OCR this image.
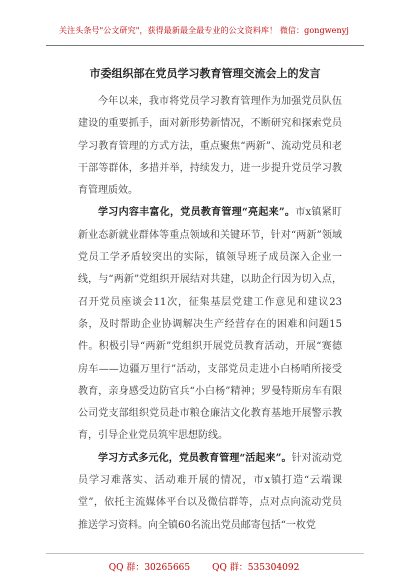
关注头条号"公文研究"，获得最新最全最专业的公文资料库！ 微信：gongwenyj
市委组织部在党员学习教育管理交流会上的发言

今年以来，我市将党员学习教育管理作为加强党员队伍建设的重要抓手，面对新形势新情况，不断研究和探索党员学习教育管理的方式方法，重点聚焦“两新”、流动党员和老干部等群体，多措并举，持续发力，进一步提升党员学习教育管理质效。

学习内容丰富化，党员教育管理“亮起来”。市x镇紧盯新业态新就业群体等重点领域和关键环节，针对“两新”领域党员工学矛盾较突出的实际，镇领导班子成员深入企业一线，与“两新”党组织开展结对共建，以助企行因为切入点，召开党员座谈会11次，征集基层党建工作意见和建议23条，及时帮助企业协调解决生产经营存在的困难和问题15件。积极引导“两新”党组织开展党员教育活动，开展“赛德房车——边疆万里行”活动，支部党员走进小白杨哨所接受教育，亲身感受边防官兵“小白杨”精神；罗曼特斯房车有限公司党支部组织党员赴市粮仓廉洁文化教育基地开展警示教育，引导企业党员筑牢思想防线。

学习方式多元化，党员教育管理“活起来”。针对流动党员学习难落实、活动难开展的情况，市x镇打造“云端课堂”，依托主流媒体平台以及微信群等，点对点向流动党员推送学习资料。向全镇60名流出党员邮寄包括“一枚党

QQ 群：30265665 QQ 群：535304092
